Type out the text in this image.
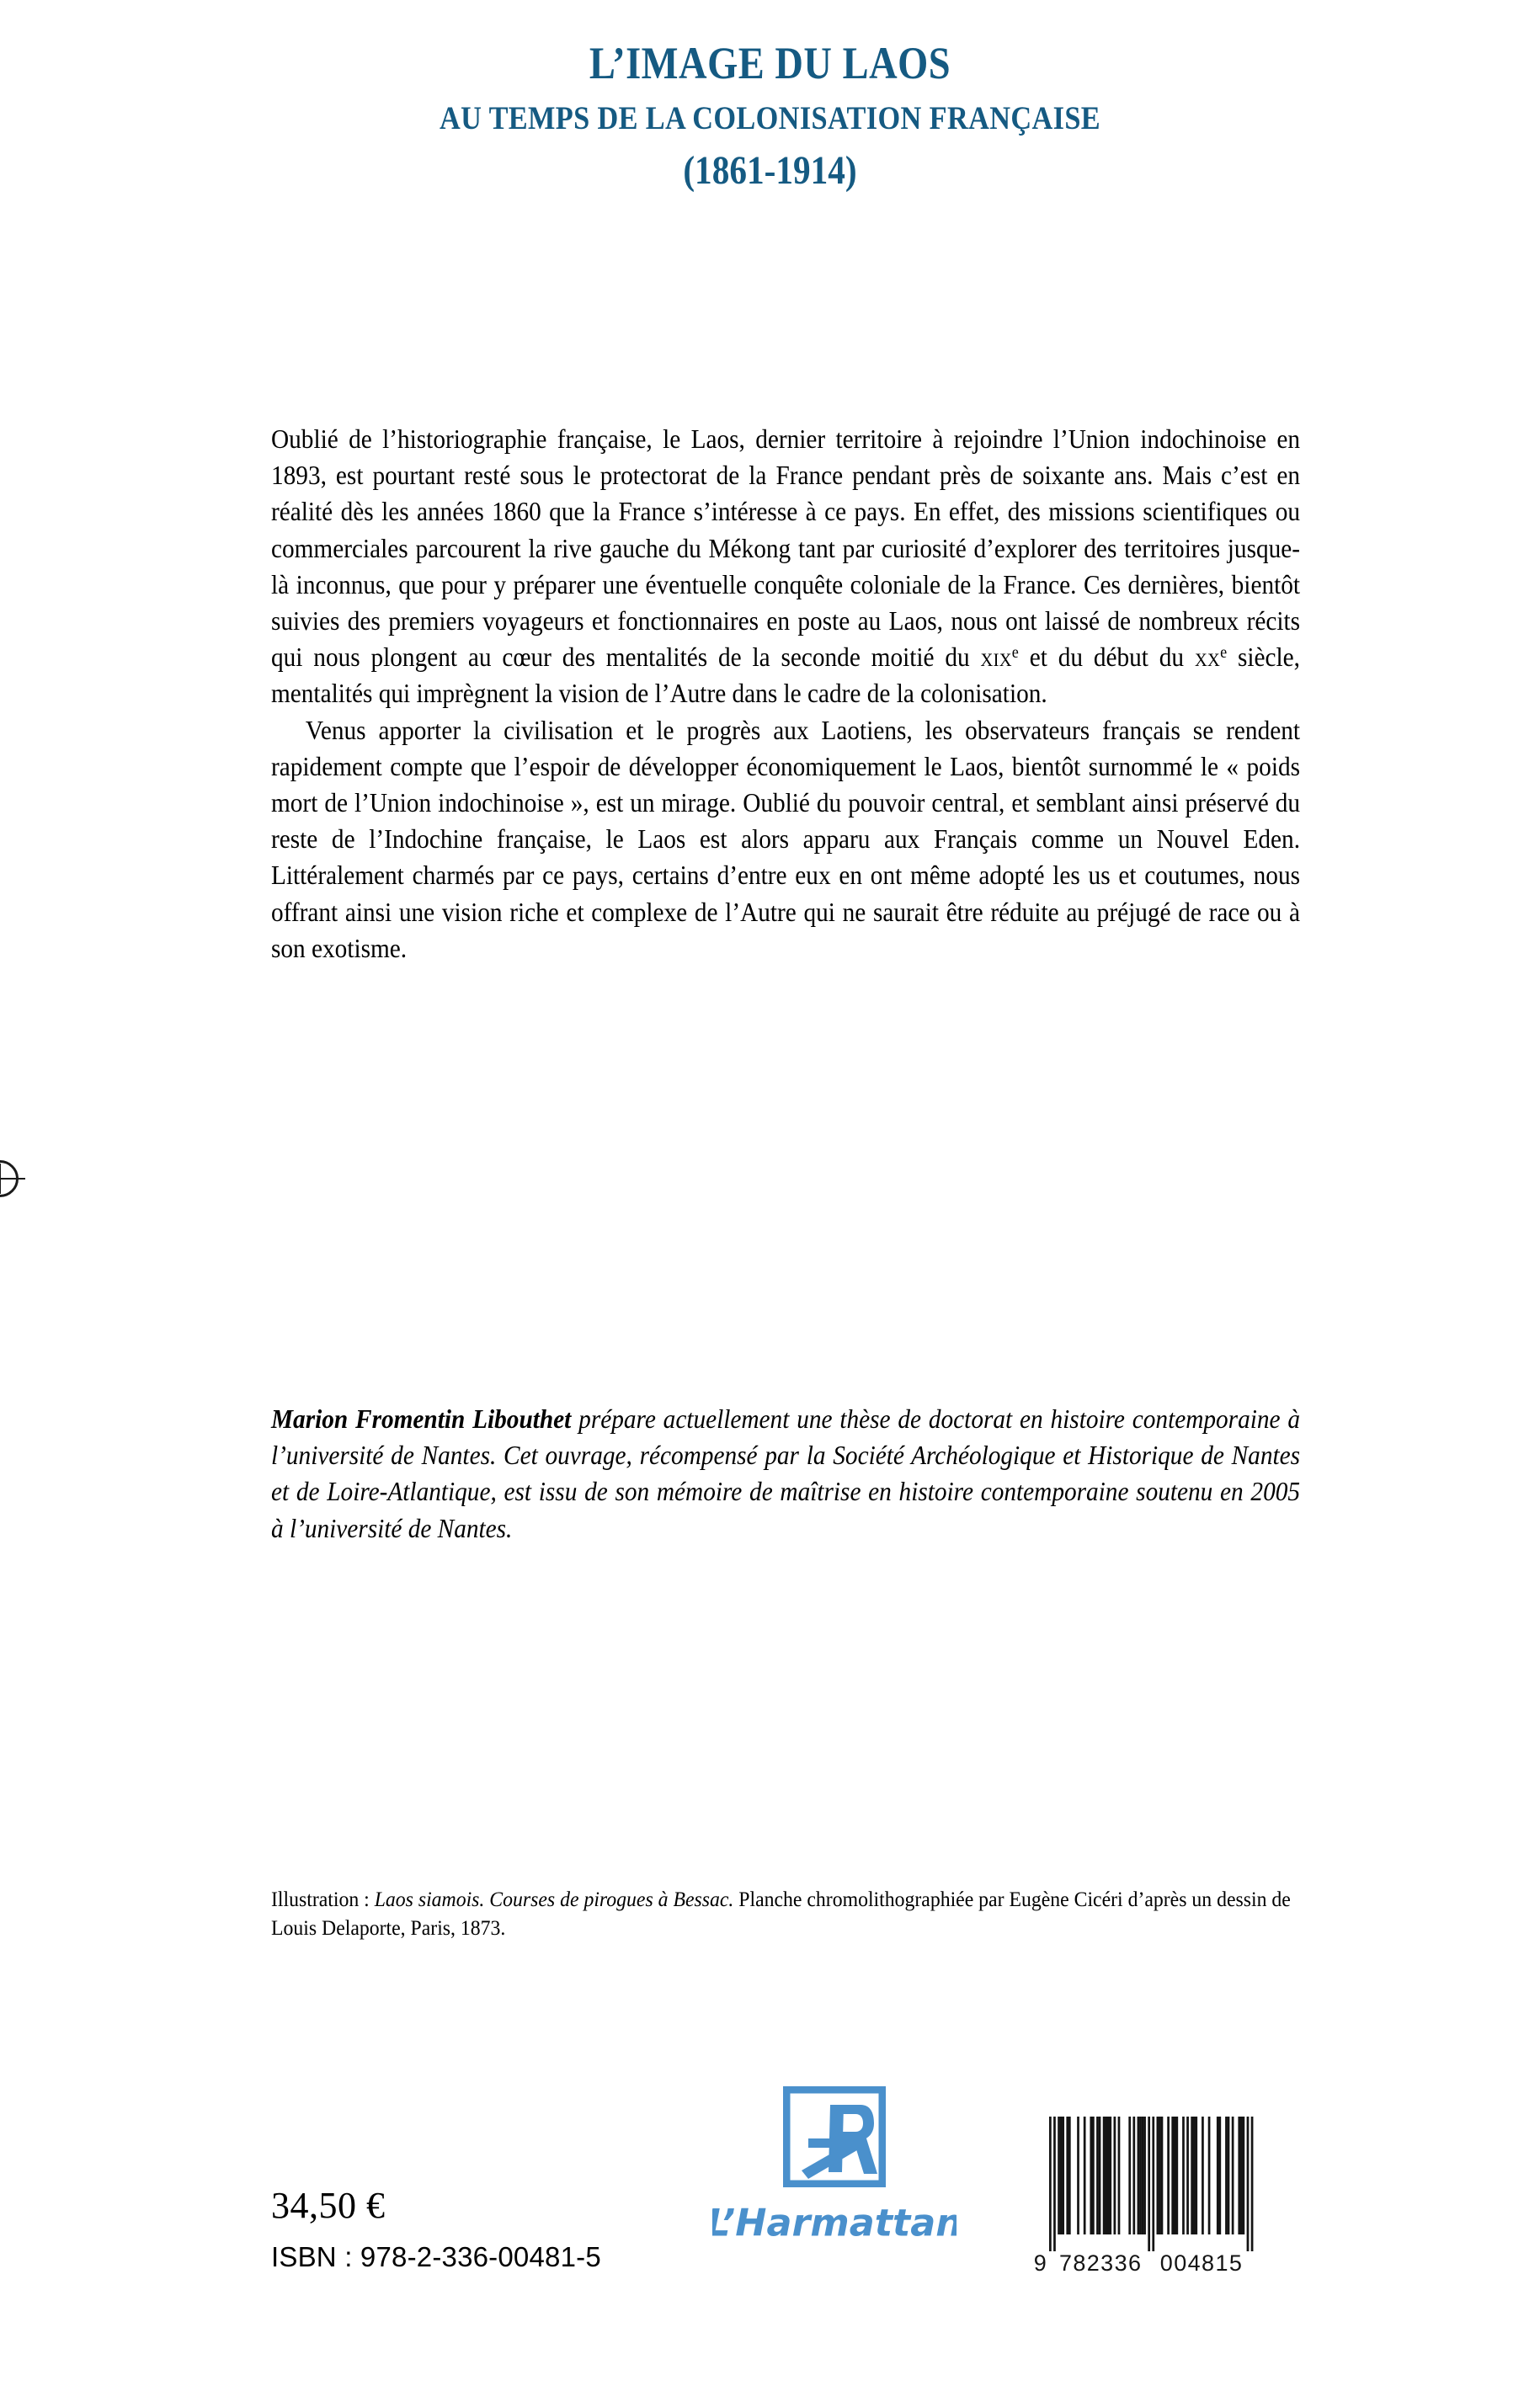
L’IMAGE DU LAOS
AU TEMPS DE LA COLONISATION FRANÇAISE
(1861-1914)

Oublié de l’historiographie française, le Laos, dernier territoire à rejoindre l’Union indochinoise en 1893, est pourtant resté sous le protectorat de la France pendant près de soixante ans. Mais c’est en réalité dès les années 1860 que la France s’intéresse à ce pays. En effet, des missions scientifiques ou commerciales parcourent la rive gauche du Mékong tant par curiosité d’explorer des territoires jusque-là inconnus, que pour y préparer une éventuelle conquête coloniale de la France. Ces dernières, bientôt suivies des premiers voyageurs et fonctionnaires en poste au Laos, nous ont laissé de nombreux récits qui nous plongent au cœur des mentalités de la seconde moitié du xix$^e$ et du début du $xx^e$ siècle, mentalités qui imprègnent la vision de l’Autre dans le cadre de la colonisation.

Venus apporter la civilisation et le progrès aux Laotiens, les observateurs français se rendent rapidement compte que l’espoir de développer économiquement le Laos, bientôt surnommé le « poids mort de l’Union indochinoise », est un mirage. Oublié du pouvoir central, et semblant ainsi préservé du reste de l’Indochine française, le Laos est alors apparu aux Français comme un Nouvel Eden. Littéralement charmés par ce pays, certains d’entre eux en ont même adopté les us et coutumes, nous offrant ainsi une vision riche et complexe de l’Autre qui ne saurait être réduite au préjugé de race ou à son exotisme.

Marion Fromentin Libouthet prépare actuellement une thèse de doctorat en histoire contemporaine à l’université de Nantes. Cet ouvrage, récompensé par la Société Archéologique et Historique de Nantes et de Loire-Atlantique, est issu de son mémoire de maîtrise en histoire contemporaine soutenu en 2005 à l’université de Nantes.
Illustration : Laos siamois. Courses de pirogues à Bessac. Planche chromolithographiée par Eugène Cicéri d’après un dessin de Louis Delaporte, Paris, 1873.
34,50 €
ISBN : 978-2-336-00481-5
L’Harmattan
9 782336 004815
